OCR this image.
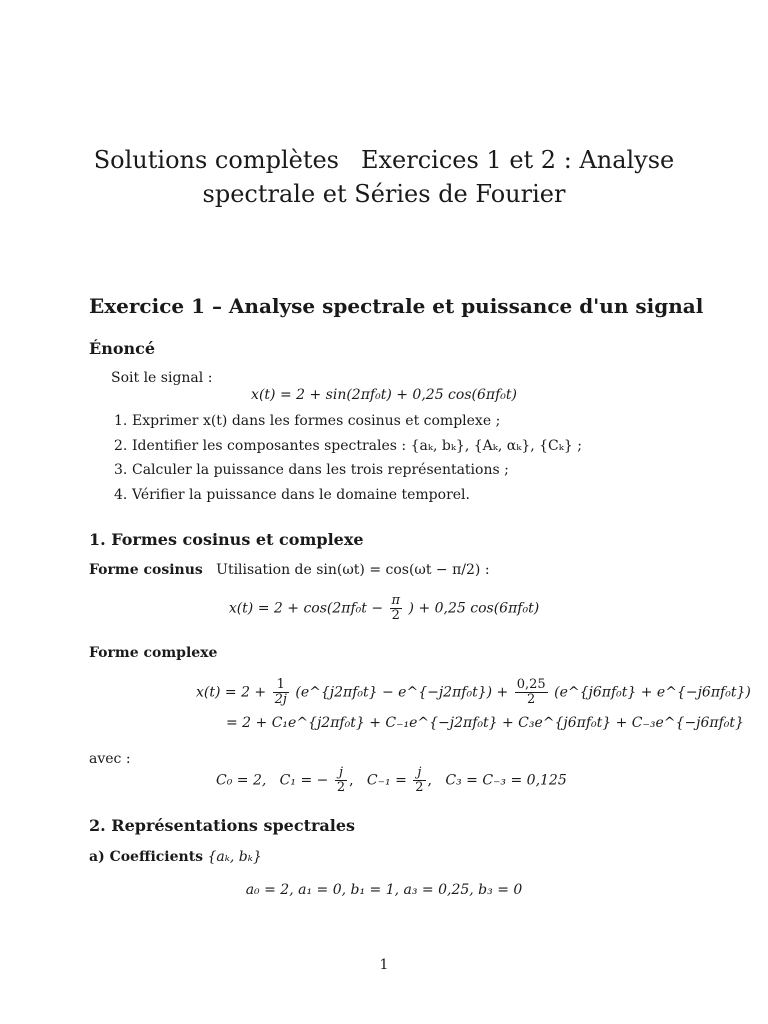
Solutions complètes Exercices 1 et 2 : Analyse
spectrale et Séries de Fourier
Exercice 1 – Analyse spectrale et puissance d'un signal
Énoncé
Soit le signal :
x(t) = 2 + sin(2πf₀t) + 0,25 cos(6πf₀t)
1. Exprimer x(t) dans les formes cosinus et complexe ;
2. Identifier les composantes spectrales : {aₖ, bₖ}, {Aₖ, αₖ}, {Cₖ} ;
3. Calculer la puissance dans les trois représentations ;
4. Vérifier la puissance dans le domaine temporel.
1. Formes cosinus et complexe
Forme cosinus Utilisation de sin(ωt) = cos(ωt − π/2) :
$x(t) = 2 + \cos(2\pi f_0t - \frac{\pi}{2}$ ) + 0,25 cos(6πf₀t)
Forme complexe
$x(t) = 2 + \frac{1}{2j}$ (e^{j2πf₀t} − e^{−j2πf₀t}) + $\frac{0,25}{2}$ (e^{j6πf₀t} + e^{−j6πf₀t})
= 2 + C₁e^{j2πf₀t} + C₋₁e^{−j2πf₀t} + C₃e^{j6πf₀t} + C₋₃e^{−j6πf₀t}
avec :
C₀ = 2, C₁ = − $\frac{j}{2}$ ,   $C_{-1} = \frac{j}{2}$ ,   C₃ = C₋₃ = 0,125
2. Représentations spectrales
a) Coefficients {aₖ, bₖ}
a₀ = 2, a₁ = 0, b₁ = 1, a₃ = 0,25, b₃ = 0
1
